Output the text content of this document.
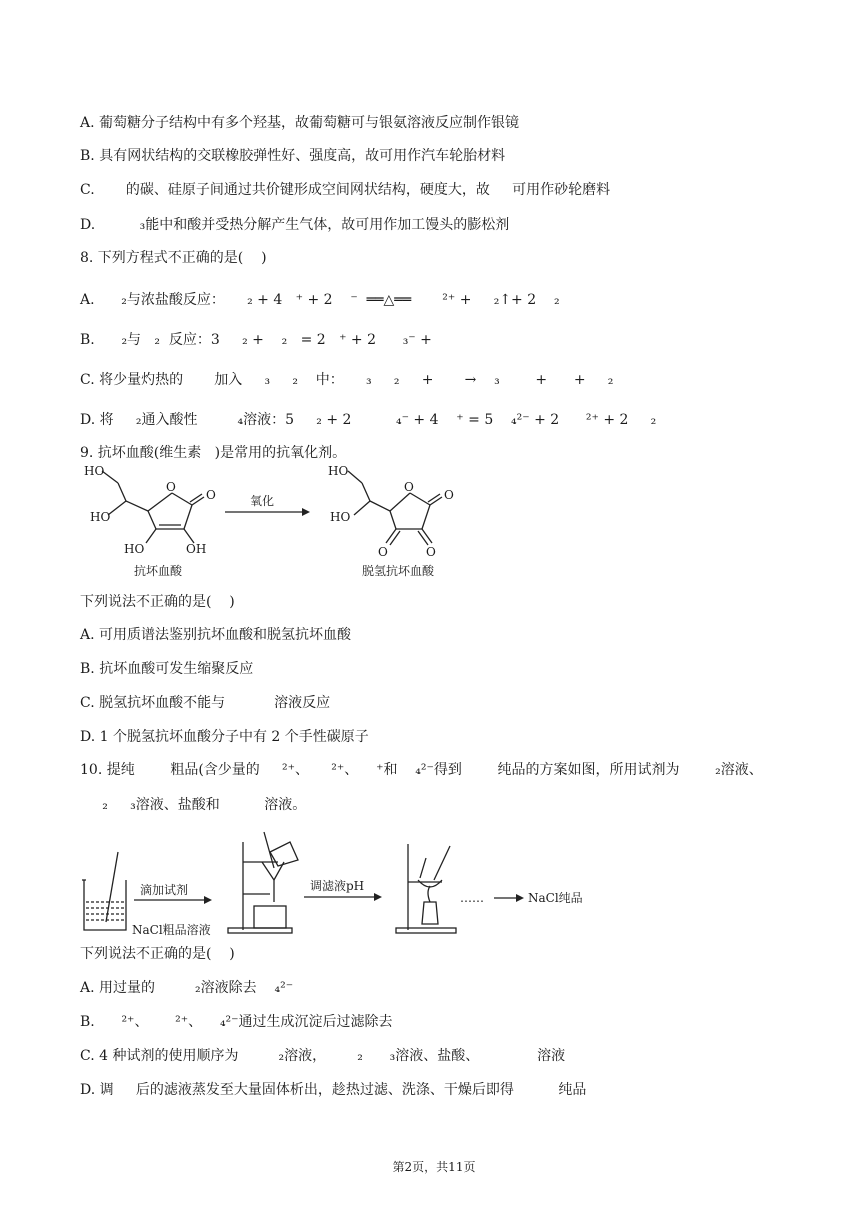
A. 葡萄糖分子结构中有多个羟基，故葡萄糖可与银氨溶液反应制作银镜
B. 具有网状结构的交联橡胶弹性好、强度高，故可用作汽车轮胎材料
C.       的碳、硅原子间通过共价键形成空间网状结构，硬度大，故     可用作砂轮磨料
D.          ₃能中和酸并受热分解产生气体，故可用作加工馒头的膨松剂
8. 下列方程式不正确的是(    )
A.      ₂与浓盐酸反应：     ₂ + 4   ⁺ + 2    ⁻  ══△══       ²⁺ +     ₂↑+ 2    ₂
B.      ₂与   ₂  反应：3     ₂ +    ₂   = 2   ⁺ + 2      ₃⁻ +
C. 将少量灼热的       加入     ₃     ₂    中：     ₃     ₂     +       →    ₃        +      +     ₂
D. 将     ₂通入酸性         ₄溶液：5     ₂ + 2          ₄⁻ + 4    ⁺ = 5    ₄²⁻ + 2      ²⁺ + 2     ₂
9. 抗坏血酸(维生素   )是常用的抗氧化剂。
HO
HO
O
O
HO	OH
抗坏血酸
氧化
HO
HO
O
O
O	O
脱氢抗坏血酸
下列说法不正确的是(    )
A. 可用质谱法鉴别抗坏血酸和脱氢抗坏血酸
B. 抗坏血酸可发生缩聚反应
C. 脱氢抗坏血酸不能与           溶液反应
D. 1 个脱氢抗坏血酸分子中有 2 个手性碳原子
10. 提纯        粗品(含少量的     ²⁺、     ²⁺、    ⁺和    ₄²⁻得到        纯品的方案如图，所用试剂为        ₂溶液、
₂     ₃溶液、盐酸和          溶液。
NaCl粗品溶液
滴加试剂	调滤液pH
……	NaCl纯品
下列说法不正确的是(    )
A. 用过量的         ₂溶液除去    ₄²⁻
B.      ²⁺、      ²⁺、    ₄²⁻通过生成沉淀后过滤除去
C. 4 种试剂的使用顺序为         ₂溶液，       ₂      ₃溶液、盐酸、             溶液
D. 调     后的滤液蒸发至大量固体析出，趁热过滤、洗涤、干燥后即得          纯品
第2页，共11页
